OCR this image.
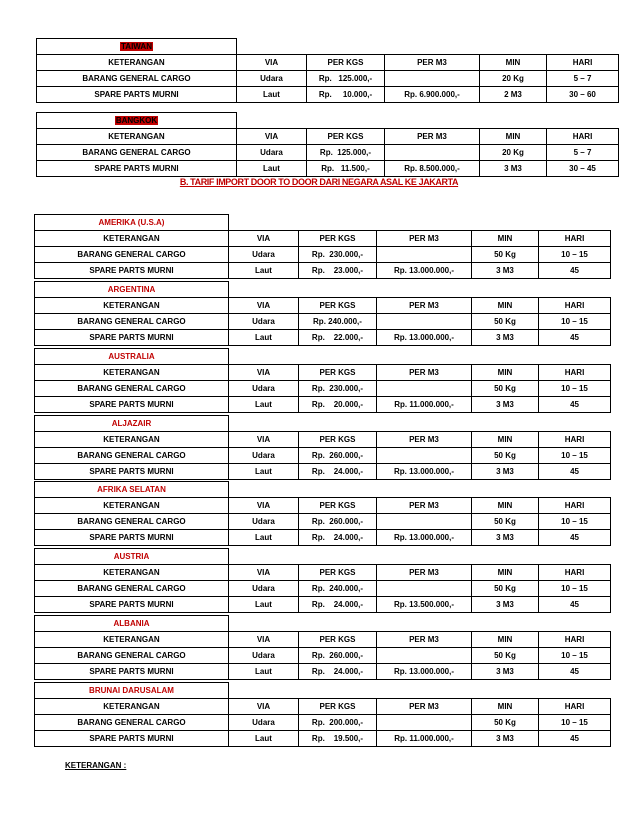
TAIWAN					
KETERANGAN	VIA	PER KGS	PER M3	MIN	HARI
BARANG GENERAL CARGO	Udara	Rp.   125.000,-		20 Kg	5 – 7
SPARE PARTS MURNI	Laut	Rp.     10.000,-	Rp. 6.900.000,-	2 M3	30 – 60
BANGKOK					
KETERANGAN	VIA	PER KGS	PER M3	MIN	HARI
BARANG GENERAL CARGO	Udara	Rp.  125.000,-		20 Kg	5 – 7
SPARE PARTS MURNI	Laut	Rp.   11.500,-	Rp. 8.500.000,-	3 M3	30 – 45
AMERIKA (U.S.A)					
KETERANGAN	VIA	PER KGS	PER M3	MIN	HARI
BARANG GENERAL CARGO	Udara	Rp.  230.000,-		50 Kg	10 – 15
SPARE PARTS MURNI	Laut	Rp.    23.000,-	Rp. 13.000.000,-	3 M3	45
ARGENTINA					
KETERANGAN	VIA	PER KGS	PER M3	MIN	HARI
BARANG GENERAL CARGO	Udara	Rp. 240.000,-		50 Kg	10 – 15
SPARE PARTS MURNI	Laut	Rp.    22.000,-	Rp. 13.000.000,-	3 M3	45
AUSTRALIA					
KETERANGAN	VIA	PER KGS	PER M3	MIN	HARI
BARANG GENERAL CARGO	Udara	Rp.  230.000,-		50 Kg	10 – 15
SPARE PARTS MURNI	Laut	Rp.    20.000,-	Rp. 11.000.000,-	3 M3	45
ALJAZAIR					
KETERANGAN	VIA	PER KGS	PER M3	MIN	HARI
BARANG GENERAL CARGO	Udara	Rp.  260.000,-		50 Kg	10 – 15
SPARE PARTS MURNI	Laut	Rp.    24.000,-	Rp. 13.000.000,-	3 M3	45
AFRIKA SELATAN					
KETERANGAN	VIA	PER KGS	PER M3	MIN	HARI
BARANG GENERAL CARGO	Udara	Rp.  260.000,-		50 Kg	10 – 15
SPARE PARTS MURNI	Laut	Rp.    24.000,-	Rp. 13.000.000,-	3 M3	45
AUSTRIA					
KETERANGAN	VIA	PER KGS	PER M3	MIN	HARI
BARANG GENERAL CARGO	Udara	Rp.  240.000,-		50 Kg	10 – 15
SPARE PARTS MURNI	Laut	Rp.    24.000,-	Rp. 13.500.000,-	3 M3	45
ALBANIA					
KETERANGAN	VIA	PER KGS	PER M3	MIN	HARI
BARANG GENERAL CARGO	Udara	Rp.  260.000,-		50 Kg	10 – 15
SPARE PARTS MURNI	Laut	Rp.    24.000,-	Rp. 13.000.000,-	3 M3	45
BRUNAI DARUSALAM					
KETERANGAN	VIA	PER KGS	PER M3	MIN	HARI
BARANG GENERAL CARGO	Udara	Rp.  200.000,-		50 Kg	10 – 15
SPARE PARTS MURNI	Laut	Rp.    19.500,-	Rp. 11.000.000,-	3 M3	45
B. TARIF IMPORT DOOR TO DOOR DARI NEGARA ASAL KE JAKARTA
KETERANGAN :
